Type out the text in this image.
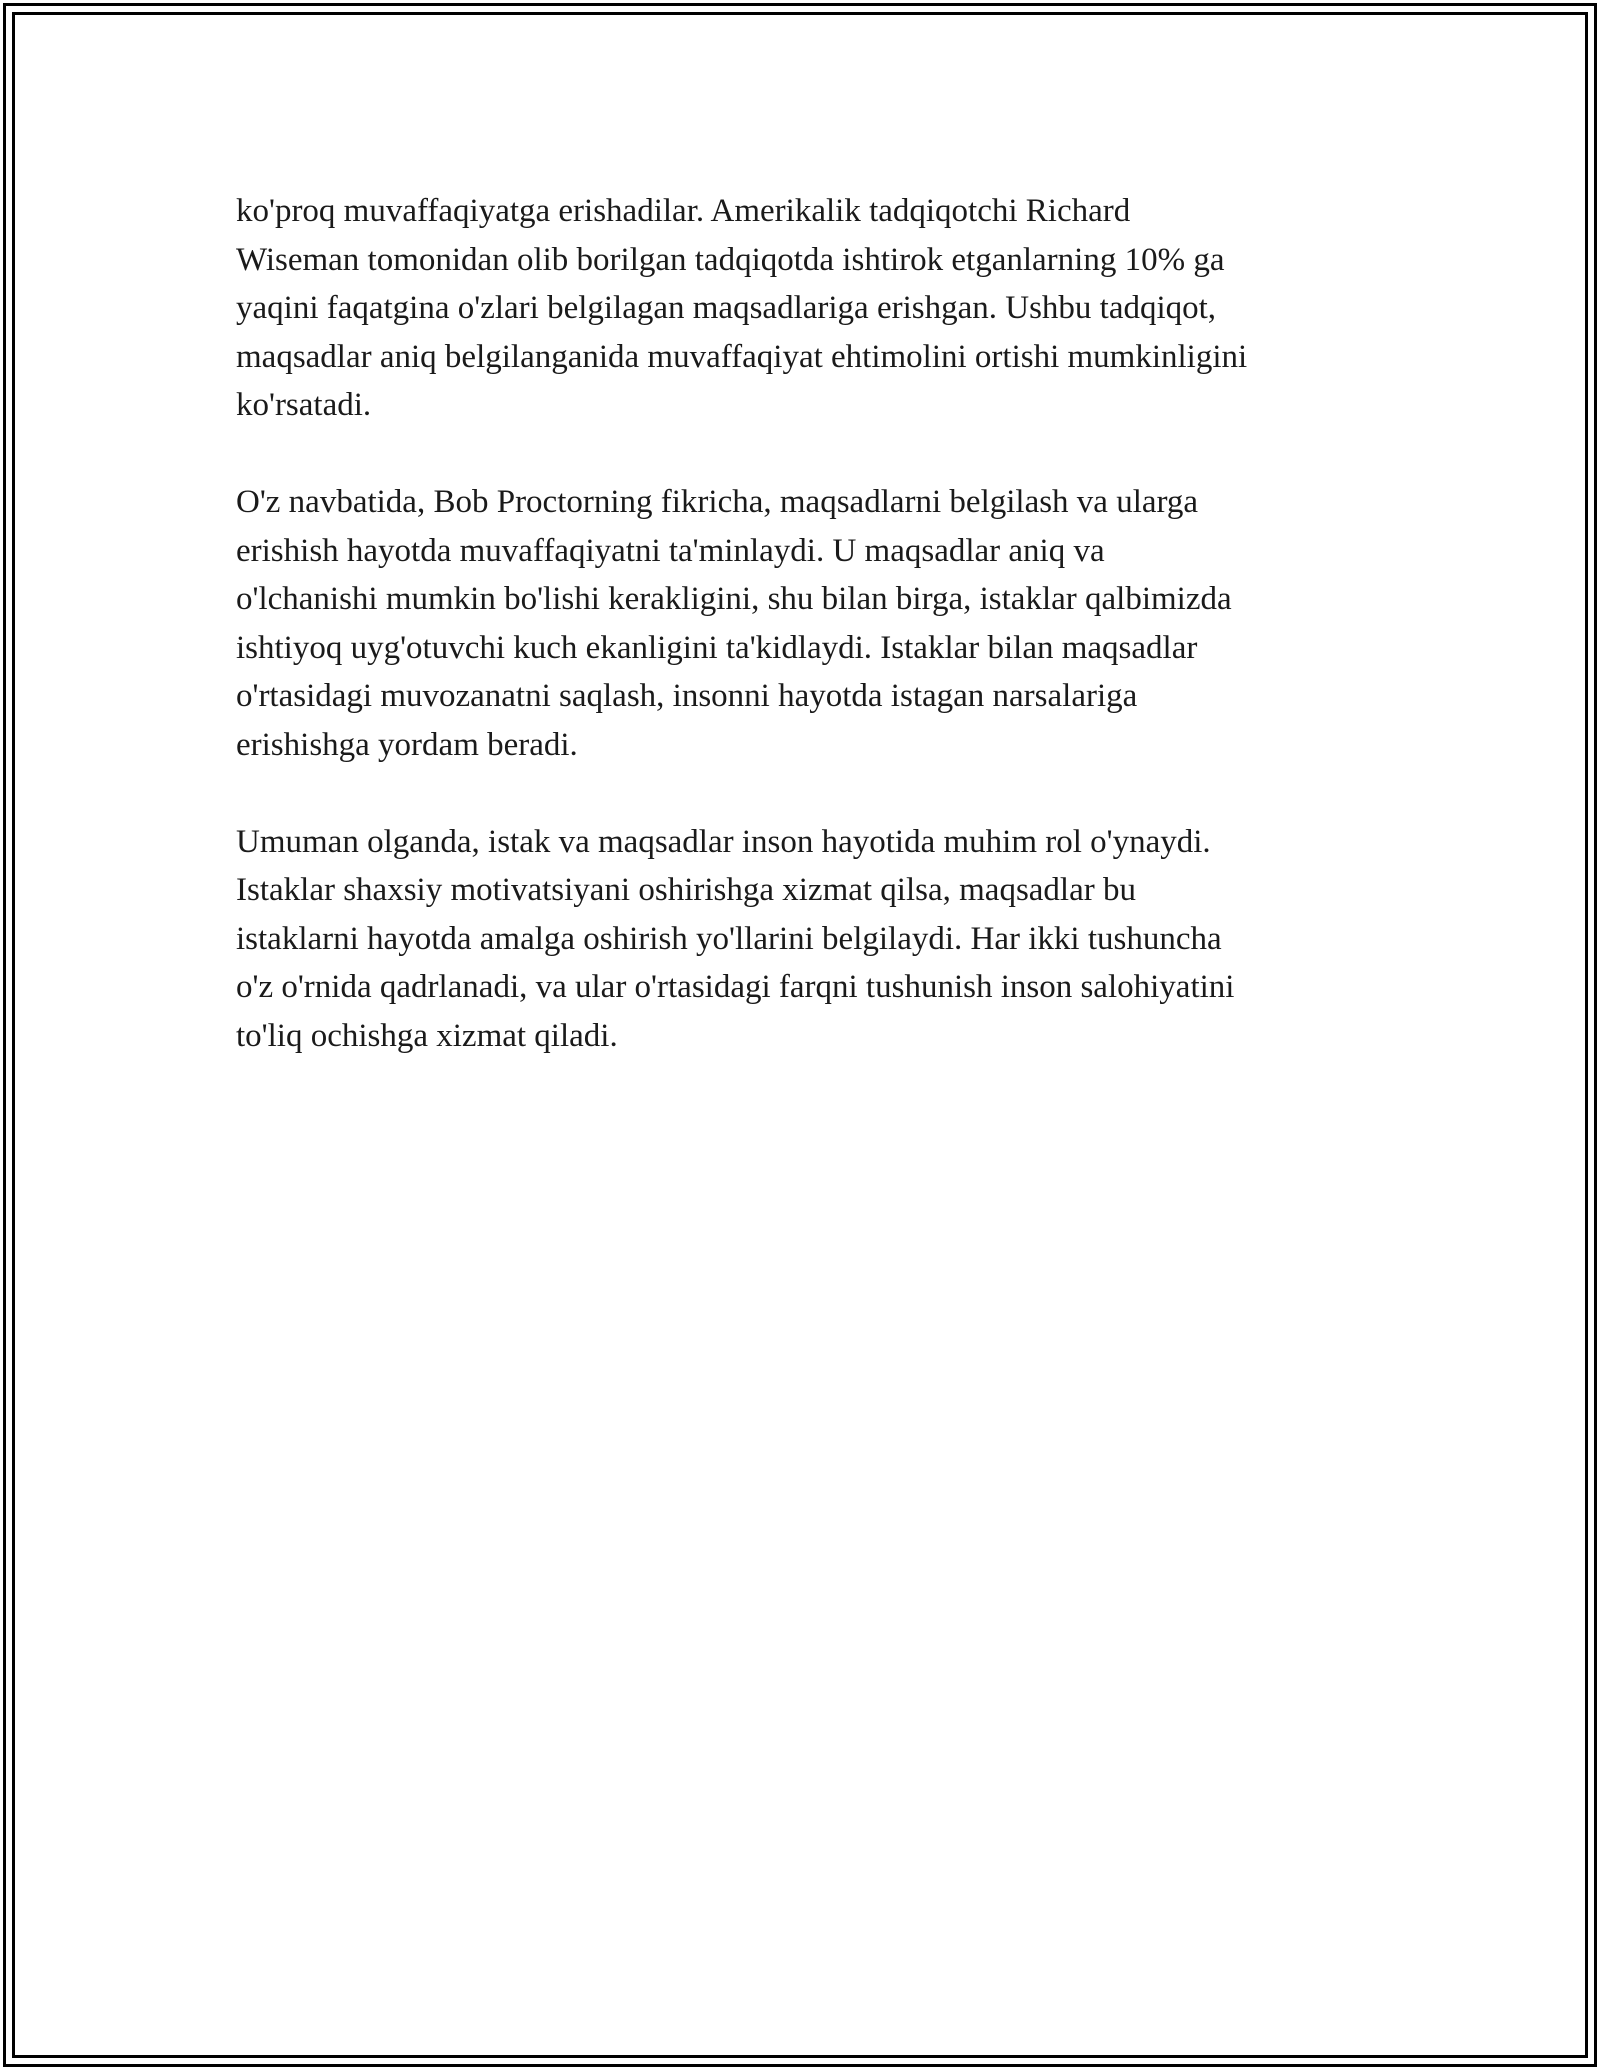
ko'proq muvaffaqiyatga erishadilar. Amerikalik tadqiqotchi Richard
Wiseman tomonidan olib borilgan tadqiqotda ishtirok etganlarning 10% ga
yaqini faqatgina o'zlari belgilagan maqsadlariga erishgan. Ushbu tadqiqot,
maqsadlar aniq belgilanganida muvaffaqiyat ehtimolini ortishi mumkinligini
ko'rsatadi.

O'z navbatida, Bob Proctorning fikricha, maqsadlarni belgilash va ularga
erishish hayotda muvaffaqiyatni ta'minlaydi. U maqsadlar aniq va
o'lchanishi mumkin bo'lishi kerakligini, shu bilan birga, istaklar qalbimizda
ishtiyoq uyg'otuvchi kuch ekanligini ta'kidlaydi. Istaklar bilan maqsadlar
o'rtasidagi muvozanatni saqlash, insonni hayotda istagan narsalariga
erishishga yordam beradi.

Umuman olganda, istak va maqsadlar inson hayotida muhim rol o'ynaydi.
Istaklar shaxsiy motivatsiyani oshirishga xizmat qilsa, maqsadlar bu
istaklarni hayotda amalga oshirish yo'llarini belgilaydi. Har ikki tushuncha
o'z o'rnida qadrlanadi, va ular o'rtasidagi farqni tushunish inson salohiyatini
to'liq ochishga xizmat qiladi.
